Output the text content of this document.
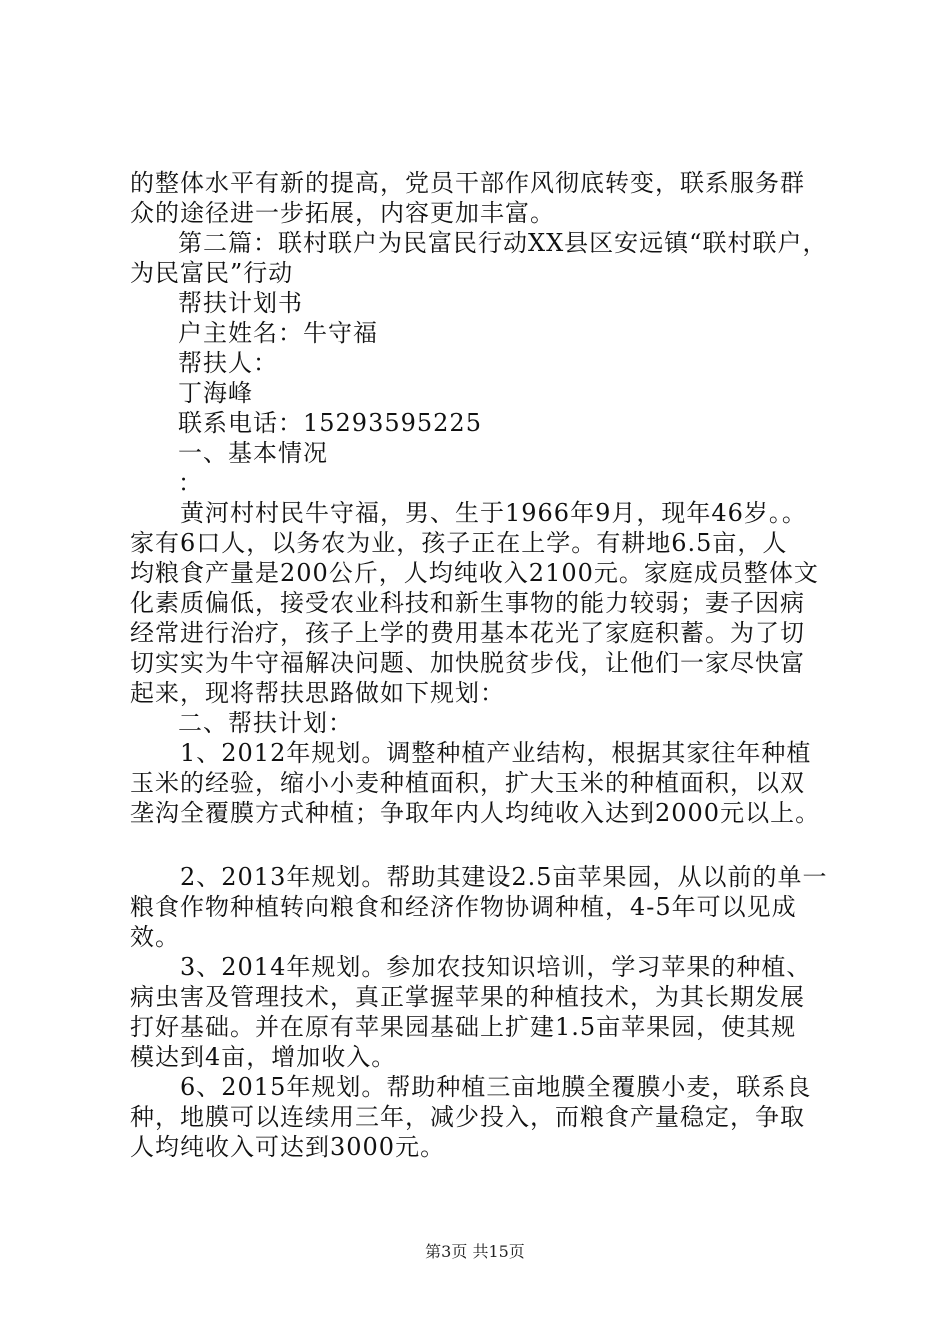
的整体水平有新的提高，党员干部作风彻底转变，联系服务群
众的途径进一步拓展，内容更加丰富。
第二篇：联村联户为民富民行动XX县区安远镇“联村联户，
为民富民”行动
帮扶计划书
户主姓名：牛守福
帮扶人：
丁海峰
联系电话：15293595225
一、基本情况
：
黄河村村民牛守福，男、生于1966年9月，现年46岁。。
家有6口人，以务农为业，孩子正在上学。有耕地6.5亩，人
均粮食产量是200公斤，人均纯收入2100元。家庭成员整体文
化素质偏低，接受农业科技和新生事物的能力较弱；妻子因病
经常进行治疗，孩子上学的费用基本花光了家庭积蓄。为了切
切实实为牛守福解决问题、加快脱贫步伐，让他们一家尽快富
起来，现将帮扶思路做如下规划：
二、帮扶计划：
1、2012年规划。调整种植产业结构，根据其家往年种植
玉米的经验，缩小小麦种植面积，扩大玉米的种植面积，以双
垄沟全覆膜方式种植；争取年内人均纯收入达到2000元以上。
2、2013年规划。帮助其建设2.5亩苹果园，从以前的单一
粮食作物种植转向粮食和经济作物协调种植，4-5年可以见成
效。
3、2014年规划。参加农技知识培训，学习苹果的种植、
病虫害及管理技术，真正掌握苹果的种植技术，为其长期发展
打好基础。并在原有苹果园基础上扩建1.5亩苹果园，使其规
模达到4亩，增加收入。
6、2015年规划。帮助种植三亩地膜全覆膜小麦，联系良
种，地膜可以连续用三年，减少投入，而粮食产量稳定，争取
人均纯收入可达到3000元。
第3页 共15页
